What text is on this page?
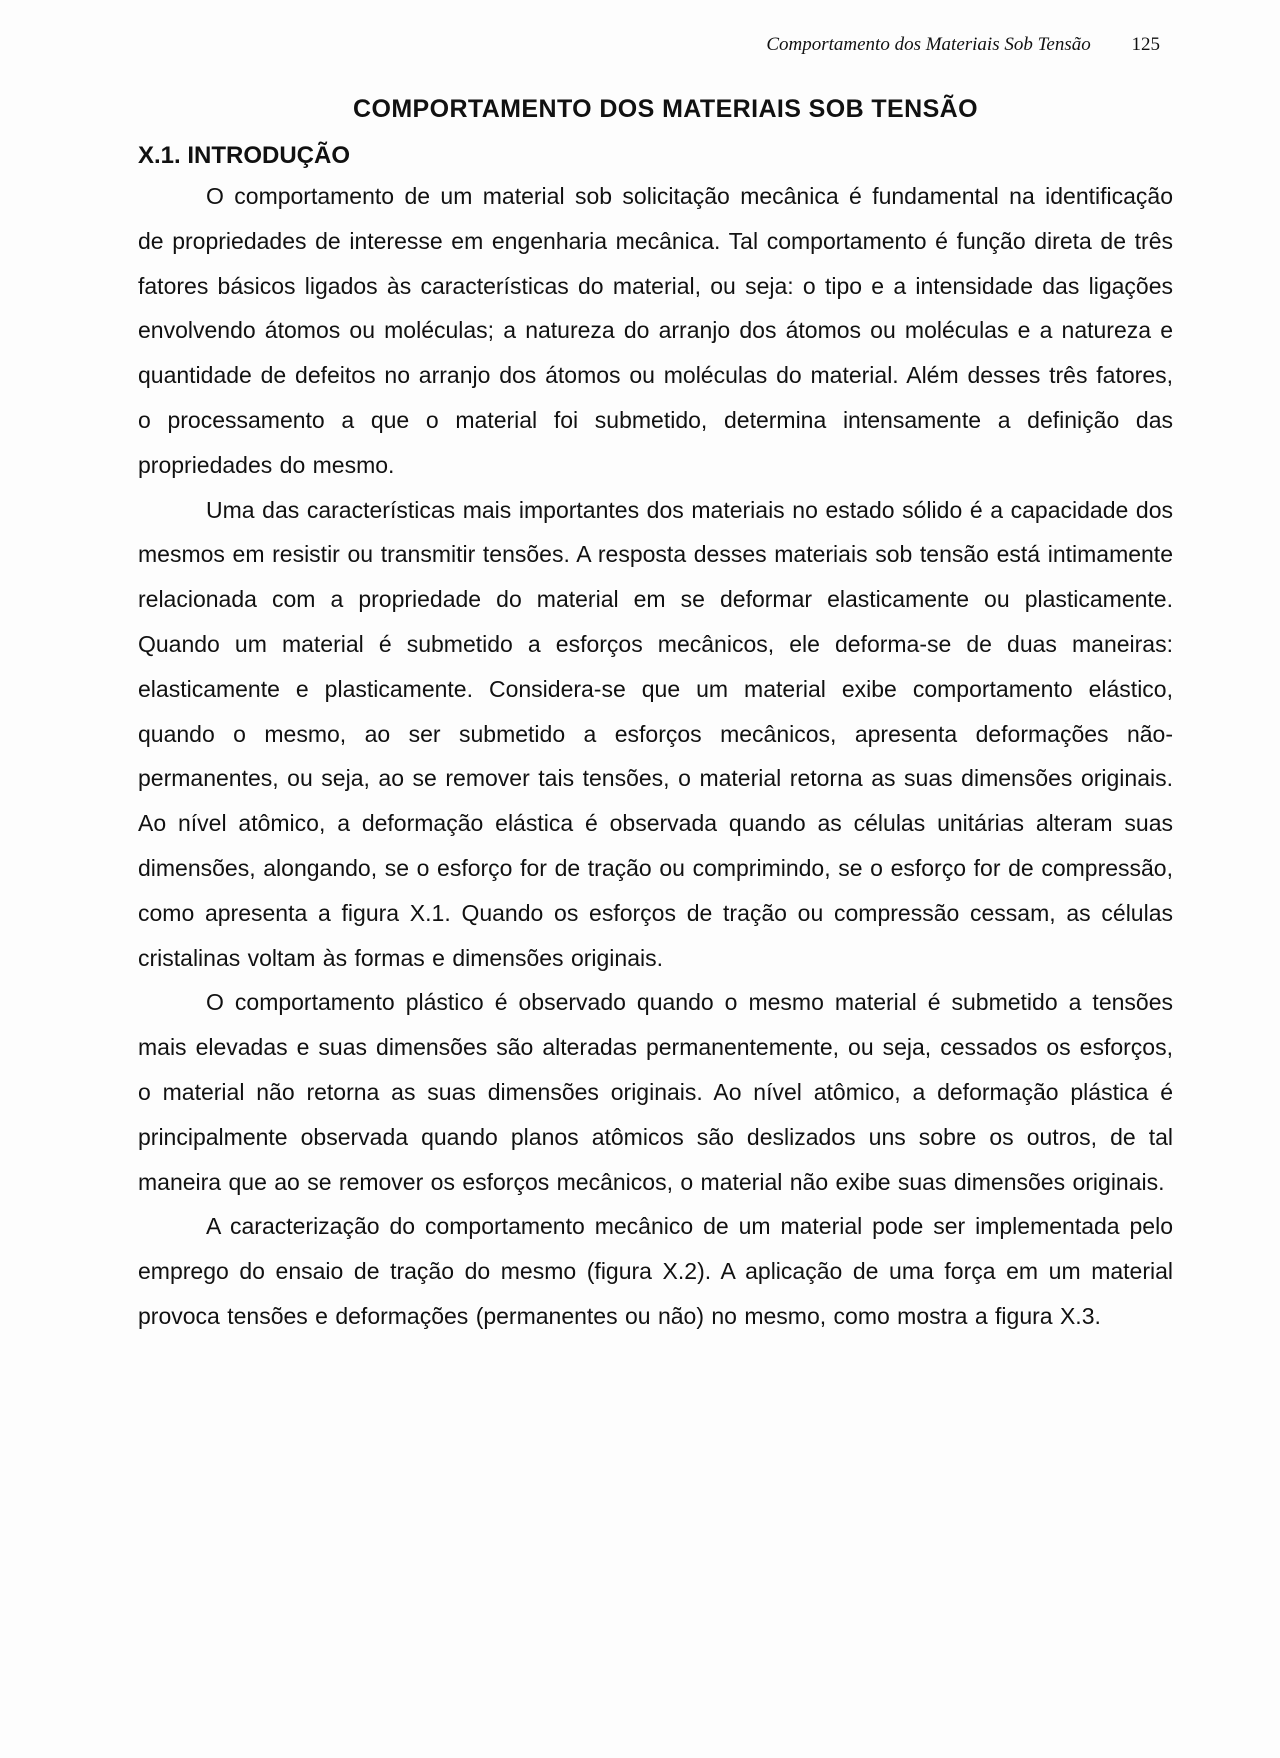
Comportamento dos Materiais Sob Tensão 125
COMPORTAMENTO DOS MATERIAIS SOB TENSÃO
X.1. INTRODUÇÃO

O comportamento de um material sob solicitação mecânica é fundamental na identificação de propriedades de interesse em engenharia mecânica. Tal comportamento é função direta de três fatores básicos ligados às características do material, ou seja: o tipo e a intensidade das ligações envolvendo átomos ou moléculas; a natureza do arranjo dos átomos ou moléculas e a natureza e quantidade de defeitos no arranjo dos átomos ou moléculas do material. Além desses três fatores, o processamento a que o material foi submetido, determina intensamente a definição das propriedades do mesmo.

Uma das características mais importantes dos materiais no estado sólido é a capacidade dos mesmos em resistir ou transmitir tensões. A resposta desses materiais sob tensão está intimamente relacionada com a propriedade do material em se deformar elasticamente ou plasticamente. Quando um material é submetido a esforços mecânicos, ele deforma-se de duas maneiras: elasticamente e plasticamente. Considera-se que um material exibe comportamento elástico, quando o mesmo, ao ser submetido a esforços mecânicos, apresenta deformações não-permanentes, ou seja, ao se remover tais tensões, o material retorna as suas dimensões originais. Ao nível atômico, a deformação elástica é observada quando as células unitárias alteram suas dimensões, alongando, se o esforço for de tração ou comprimindo, se o esforço for de compressão, como apresenta a figura X.1. Quando os esforços de tração ou compressão cessam, as células cristalinas voltam às formas e dimensões originais.

O comportamento plástico é observado quando o mesmo material é submetido a tensões mais elevadas e suas dimensões são alteradas permanentemente, ou seja, cessados os esforços, o material não retorna as suas dimensões originais. Ao nível atômico, a deformação plástica é principalmente observada quando planos atômicos são deslizados uns sobre os outros, de tal maneira que ao se remover os esforços mecânicos, o material não exibe suas dimensões originais.

A caracterização do comportamento mecânico de um material pode ser implementada pelo emprego do ensaio de tração do mesmo (figura X.2). A aplicação de uma força em um material provoca tensões e deformações (permanentes ou não) no mesmo, como mostra a figura X.3.
